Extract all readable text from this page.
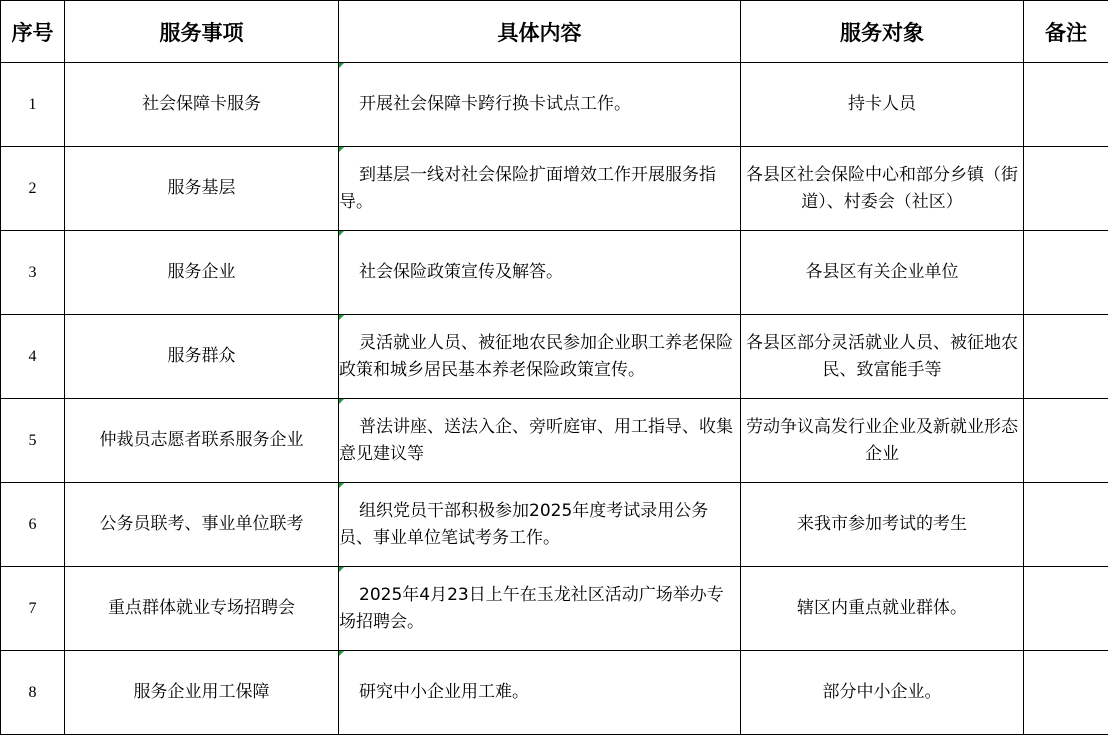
序号	服务事项	具体内容	服务对象	备注
1	社会保障卡服务	开展社会保障卡跨行换卡试点工作。	持卡人员	
2	服务基层	到基层一线对社会保险扩面增效工作开展服务指导。	各县区社会保险中心和部分乡镇（街道）、村委会（社区）	
3	服务企业	社会保险政策宣传及解答。	各县区有关企业单位	
4	服务群众	灵活就业人员、被征地农民参加企业职工养老保险政策和城乡居民基本养老保险政策宣传。	各县区部分灵活就业人员、被征地农民、致富能手等	
5	仲裁员志愿者联系服务企业	普法讲座、送法入企、旁听庭审、用工指导、收集意见建议等	劳动争议高发行业企业及新就业形态企业	
6	公务员联考、事业单位联考	组织党员干部积极参加2025年度考试录用公务员、事业单位笔试考务工作。	来我市参加考试的考生	
7	重点群体就业专场招聘会	2025年4月23日上午在玉龙社区活动广场举办专场招聘会。	辖区内重点就业群体。	
8	服务企业用工保障	研究中小企业用工难。	部分中小企业。	
